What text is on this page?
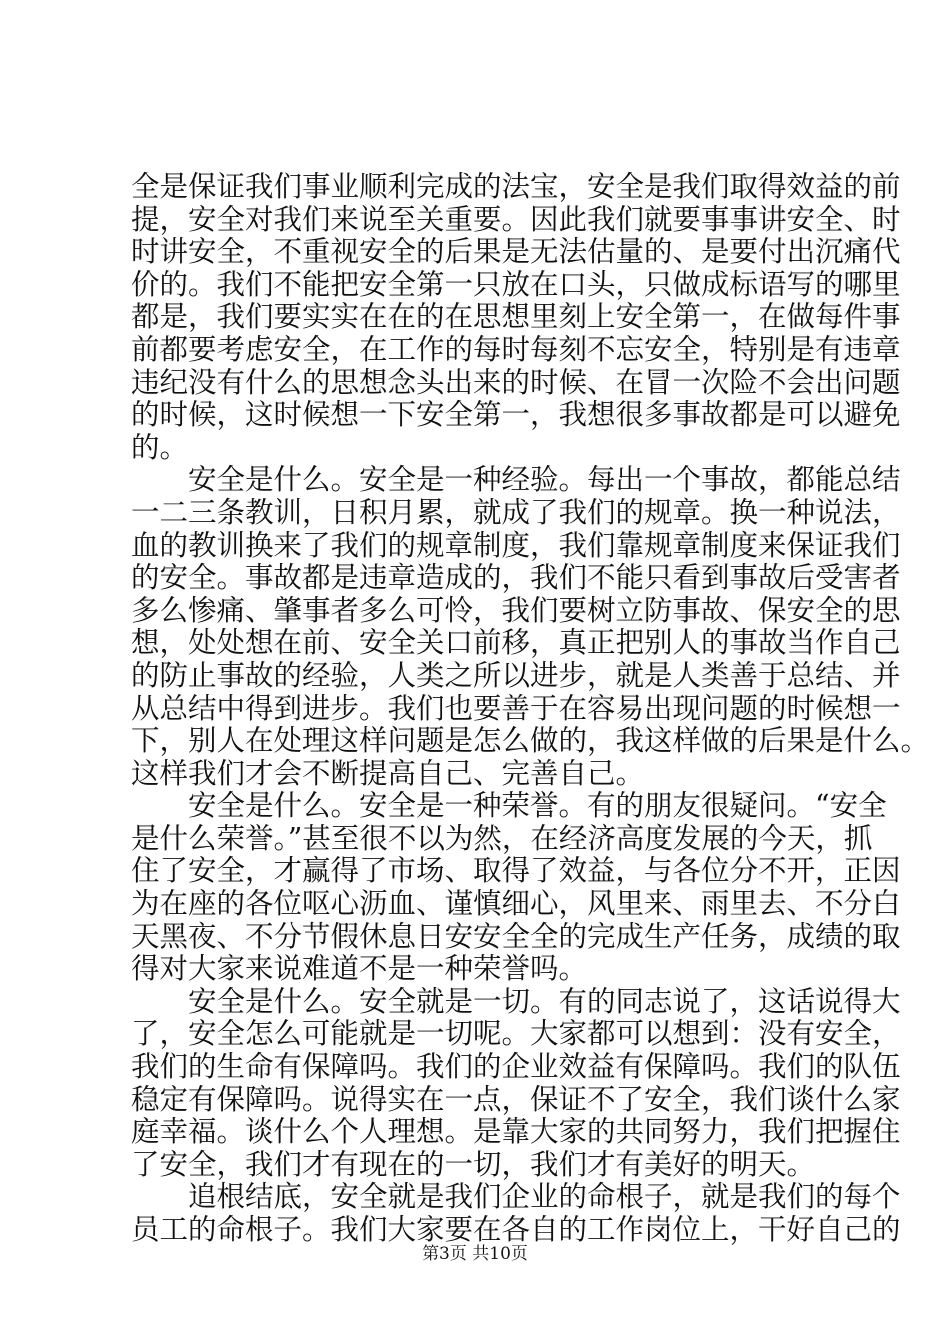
全是保证我们事业顺利完成的法宝，安全是我们取得效益的前
提，安全对我们来说至关重要。因此我们就要事事讲安全、时
时讲安全，不重视安全的后果是无法估量的、是要付出沉痛代
价的。我们不能把安全第一只放在口头，只做成标语写的哪里
都是，我们要实实在在的在思想里刻上安全第一，在做每件事
前都要考虑安全，在工作的每时每刻不忘安全，特别是有违章
违纪没有什么的思想念头出来的时候、在冒一次险不会出问题
的时候，这时候想一下安全第一，我想很多事故都是可以避免
的。
　　安全是什么。安全是一种经验。每出一个事故，都能总结
一二三条教训，日积月累，就成了我们的规章。换一种说法，
血的教训换来了我们的规章制度，我们靠规章制度来保证我们
的安全。事故都是违章造成的，我们不能只看到事故后受害者
多么惨痛、肇事者多么可怜，我们要树立防事故、保安全的思
想，处处想在前、安全关口前移，真正把别人的事故当作自己
的防止事故的经验，人类之所以进步，就是人类善于总结、并
从总结中得到进步。我们也要善于在容易出现问题的时候想一
下，别人在处理这样问题是怎么做的，我这样做的后果是什么。
这样我们才会不断提高自己、完善自己。
　　安全是什么。安全是一种荣誉。有的朋友很疑问。“安全
是什么荣誉。”甚至很不以为然，在经济高度发展的今天，抓
住了安全，才赢得了市场、取得了效益，与各位分不开，正因
为在座的各位呕心沥血、谨慎细心，风里来、雨里去、不分白
天黑夜、不分节假休息日安安全全的完成生产任务，成绩的取
得对大家来说难道不是一种荣誉吗。
　　安全是什么。安全就是一切。有的同志说了，这话说得大
了，安全怎么可能就是一切呢。大家都可以想到：没有安全，
我们的生命有保障吗。我们的企业效益有保障吗。我们的队伍
稳定有保障吗。说得实在一点，保证不了安全，我们谈什么家
庭幸福。谈什么个人理想。是靠大家的共同努力，我们把握住
了安全，我们才有现在的一切，我们才有美好的明天。
　　追根结底，安全就是我们企业的命根子，就是我们的每个
员工的命根子。我们大家要在各自的工作岗位上，干好自己的
第3页 共10页
